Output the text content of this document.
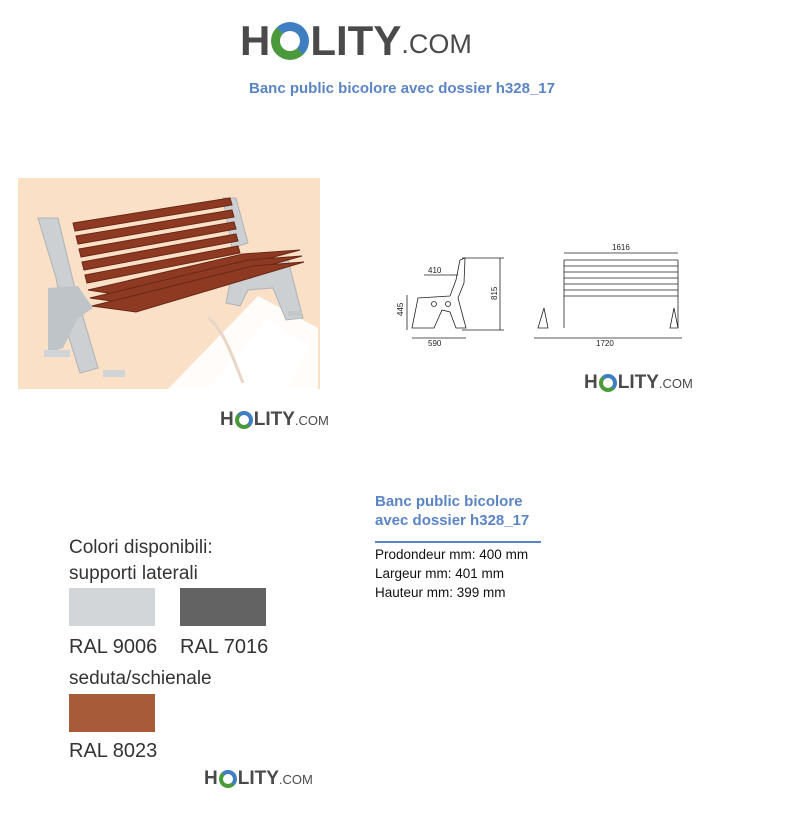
H LITY .COM
Banc public bicolore avec dossier h328_17
H LITY .COM
410
445
815
590
1616
1720
H LITY .COM
Banc public bicolore
avec dossier h328_17
Prodondeur mm: 400 mm
Largeur mm: 401 mm
Hauteur mm: 399 mm
Colori disponibili:
supporti laterali
RAL 9006 RAL 7016
seduta/schienale
RAL 8023
H LITY .COM
